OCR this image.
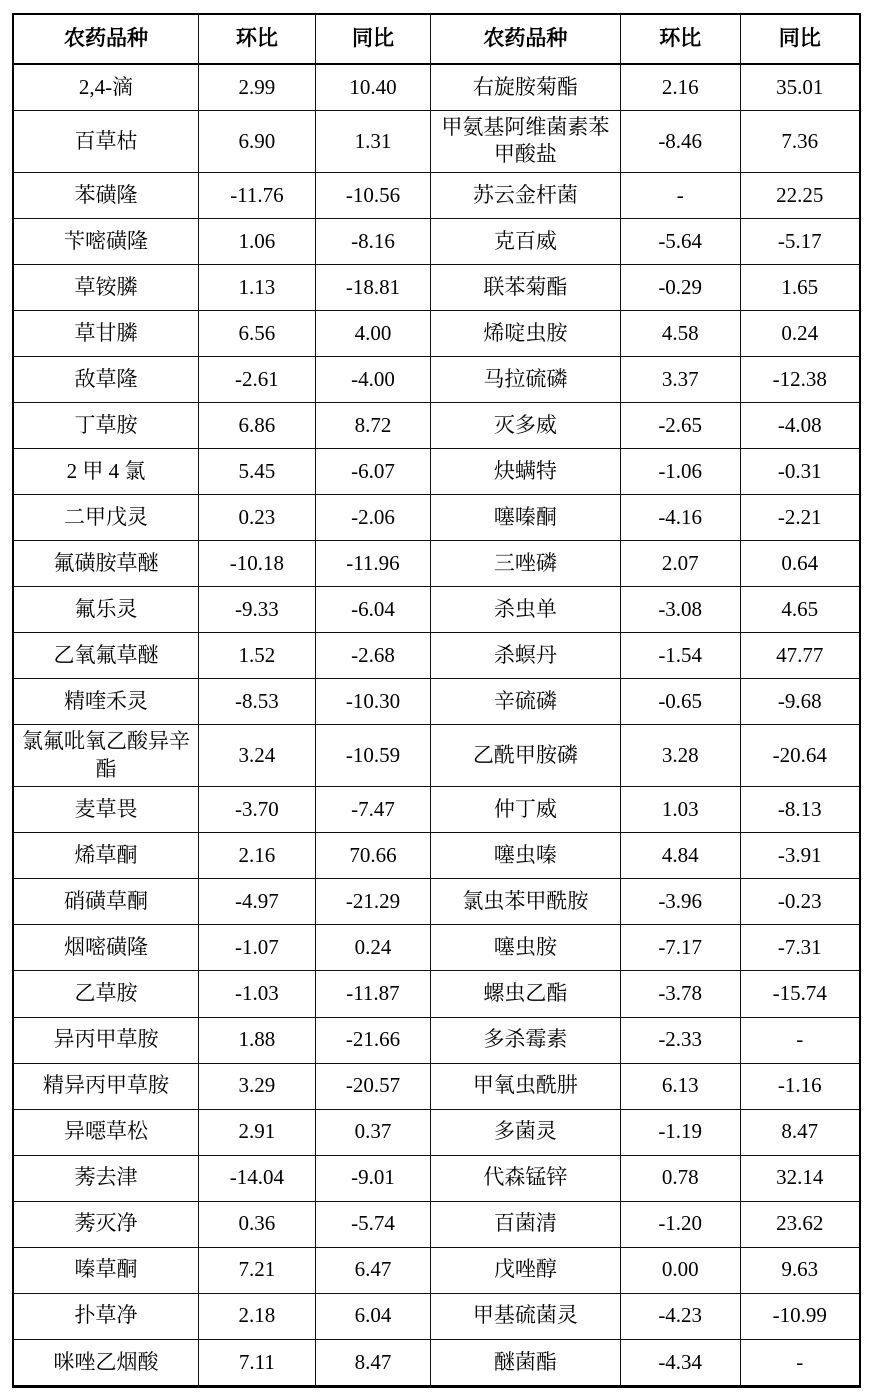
农药品种	环比	同比	农药品种	环比	同比
2,4-滴	2.99	10.40	右旋胺菊酯	2.16	35.01
百草枯	6.90	1.31	甲氨基阿维菌素苯甲酸盐	-8.46	7.36
苯磺隆	-11.76	-10.56	苏云金杆菌	-	22.25
苄嘧磺隆	1.06	-8.16	克百威	-5.64	-5.17
草铵膦	1.13	-18.81	联苯菊酯	-0.29	1.65
草甘膦	6.56	4.00	烯啶虫胺	4.58	0.24
敌草隆	-2.61	-4.00	马拉硫磷	3.37	-12.38
丁草胺	6.86	8.72	灭多威	-2.65	-4.08
2 甲 4 氯	5.45	-6.07	炔螨特	-1.06	-0.31
二甲戊灵	0.23	-2.06	噻嗪酮	-4.16	-2.21
氟磺胺草醚	-10.18	-11.96	三唑磷	2.07	0.64
氟乐灵	-9.33	-6.04	杀虫单	-3.08	4.65
乙氧氟草醚	1.52	-2.68	杀螟丹	-1.54	47.77
精喹禾灵	-8.53	-10.30	辛硫磷	-0.65	-9.68
氯氟吡氧乙酸异辛酯	3.24	-10.59	乙酰甲胺磷	3.28	-20.64
麦草畏	-3.70	-7.47	仲丁威	1.03	-8.13
烯草酮	2.16	70.66	噻虫嗪	4.84	-3.91
硝磺草酮	-4.97	-21.29	氯虫苯甲酰胺	-3.96	-0.23
烟嘧磺隆	-1.07	0.24	噻虫胺	-7.17	-7.31
乙草胺	-1.03	-11.87	螺虫乙酯	-3.78	-15.74
异丙甲草胺	1.88	-21.66	多杀霉素	-2.33	-
精异丙甲草胺	3.29	-20.57	甲氧虫酰肼	6.13	-1.16
异噁草松	2.91	0.37	多菌灵	-1.19	8.47
莠去津	-14.04	-9.01	代森锰锌	0.78	32.14
莠灭净	0.36	-5.74	百菌清	-1.20	23.62
嗪草酮	7.21	6.47	戊唑醇	0.00	9.63
扑草净	2.18	6.04	甲基硫菌灵	-4.23	-10.99
咪唑乙烟酸	7.11	8.47	醚菌酯	-4.34	-
